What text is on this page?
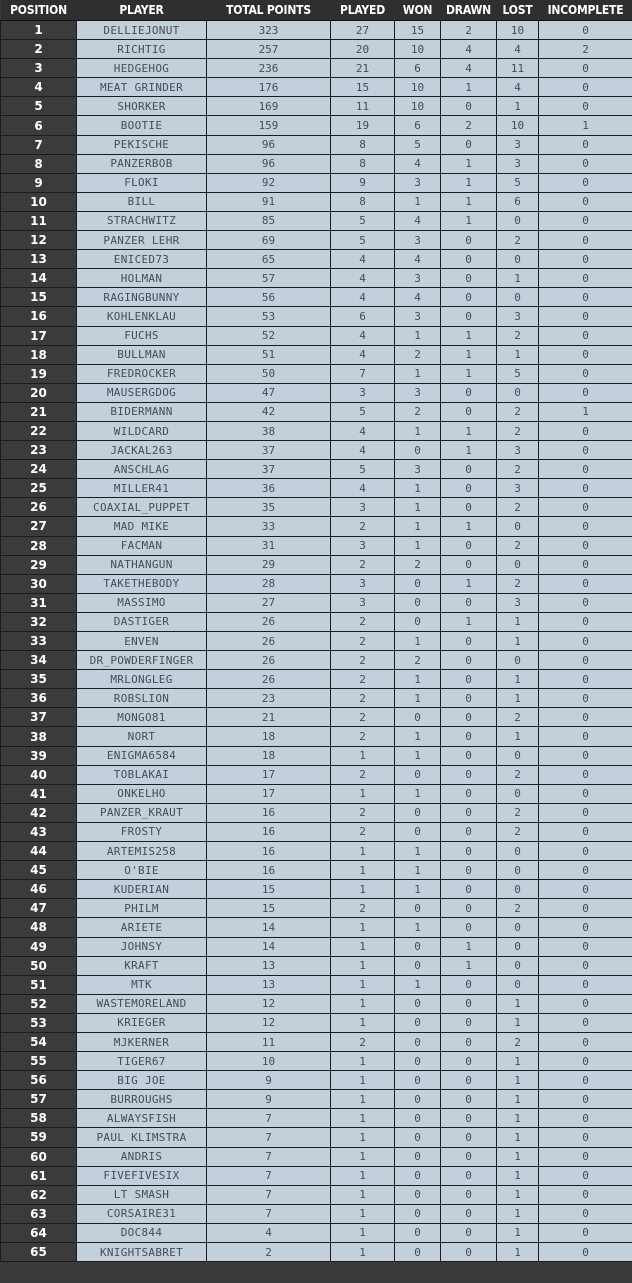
POSITION	PLAYER	TOTAL POINTS	PLAYED	WON	DRAWN	LOST	INCOMPLETE
1	DELLIEJONUT	323	27	15	2	10	0
2	RICHTIG	257	20	10	4	4	2
3	HEDGEHOG	236	21	6	4	11	0
4	MEAT GRINDER	176	15	10	1	4	0
5	SHORKER	169	11	10	0	1	0
6	BOOTIE	159	19	6	2	10	1
7	PEKISCHE	96	8	5	0	3	0
8	PANZERBOB	96	8	4	1	3	0
9	FLOKI	92	9	3	1	5	0
10	BILL	91	8	1	1	6	0
11	STRACHWITZ	85	5	4	1	0	0
12	PANZER LEHR	69	5	3	0	2	0
13	ENICED73	65	4	4	0	0	0
14	HOLMAN	57	4	3	0	1	0
15	RAGINGBUNNY	56	4	4	0	0	0
16	KOHLENKLAU	53	6	3	0	3	0
17	FUCHS	52	4	1	1	2	0
18	BULLMAN	51	4	2	1	1	0
19	FREDROCKER	50	7	1	1	5	0
20	MAUSERGDOG	47	3	3	0	0	0
21	BIDERMANN	42	5	2	0	2	1
22	WILDCARD	38	4	1	1	2	0
23	JACKAL263	37	4	0	1	3	0
24	ANSCHLAG	37	5	3	0	2	0
25	MILLER41	36	4	1	0	3	0
26	COAXIAL_PUPPET	35	3	1	0	2	0
27	MAD MIKE	33	2	1	1	0	0
28	FACMAN	31	3	1	0	2	0
29	NATHANGUN	29	2	2	0	0	0
30	TAKETHEBODY	28	3	0	1	2	0
31	MASSIMO	27	3	0	0	3	0
32	DASTIGER	26	2	0	1	1	0
33	ENVEN	26	2	1	0	1	0
34	DR_POWDERFINGER	26	2	2	0	0	0
35	MRLONGLEG	26	2	1	0	1	0
36	ROBSLION	23	2	1	0	1	0
37	MONGO81	21	2	0	0	2	0
38	NORT	18	2	1	0	1	0
39	ENIGMA6584	18	1	1	0	0	0
40	TOBLAKAI	17	2	0	0	2	0
41	ONKELHO	17	1	1	0	0	0
42	PANZER_KRAUT	16	2	0	0	2	0
43	FROSTY	16	2	0	0	2	0
44	ARTEMIS258	16	1	1	0	0	0
45	O'BIE	16	1	1	0	0	0
46	KUDERIAN	15	1	1	0	0	0
47	PHILM	15	2	0	0	2	0
48	ARIETE	14	1	1	0	0	0
49	JOHNSY	14	1	0	1	0	0
50	KRAFT	13	1	0	1	0	0
51	MTK	13	1	1	0	0	0
52	WASTEMORELAND	12	1	0	0	1	0
53	KRIEGER	12	1	0	0	1	0
54	MJKERNER	11	2	0	0	2	0
55	TIGER67	10	1	0	0	1	0
56	BIG JOE	9	1	0	0	1	0
57	BURROUGHS	9	1	0	0	1	0
58	ALWAYSFISH	7	1	0	0	1	0
59	PAUL KLIMSTRA	7	1	0	0	1	0
60	ANDRIS	7	1	0	0	1	0
61	FIVEFIVESIX	7	1	0	0	1	0
62	LT SMASH	7	1	0	0	1	0
63	CORSAIRE31	7	1	0	0	1	0
64	DOC844	4	1	0	0	1	0
65	KNIGHTSABRET	2	1	0	0	1	0
